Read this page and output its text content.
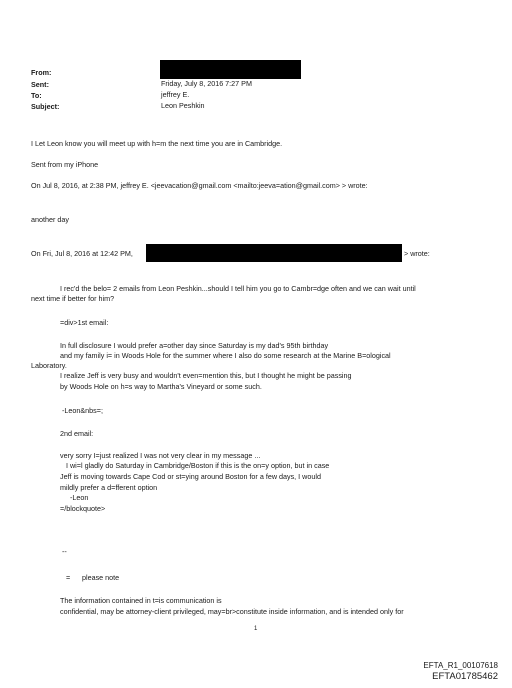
From:
Sent:
To:
Subject:
Friday, July 8, 2016 7:27 PM
jeffrey E.
Leon Peshkin
I Let Leon know you will meet up with h=m the next time you are in Cambridge.
Sent from my iPhone
On Jul 8, 2016, at 2:38 PM, jeffrey E. <jeevacation@gmail.com <mailto:jeeva=ation@gmail.com> > wrote:
another day
On Fri, Jul 8, 2016 at 12:42 PM,	> wrote:
I rec'd the belo= 2 emails from Leon Peshkin...should I tell him you go to Cambr=dge often and we can wait until
next time if better for him?
=div>1st email:
In full disclosure I would prefer a=other day since Saturday is my dad's 95th birthday
and my family i= in Woods Hole for the summer where I also do some research at the Marine B=ological
Laboratory.
I realize Jeff is very busy and wouldn't even=mention this, but I thought he might be passing
by Woods Hole on h=s way to Martha's Vineyard or some such.
-Leon&nbs=;
2nd email:
very sorry I=just realized I was not very clear in my message ...
I wi=l gladly do Saturday in Cambridge/Boston if this is the on=y option, but in case
Jeff is moving towards Cape Cod or st=ying around Boston for a few days, I would
mildly prefer a d=fferent option
-Leon
=/blockquote>
--
= please note
The information contained in t=is communication is
confidential, may be attorney-client privileged, may=br>constitute inside information, and is intended only for
1
EFTA_R1_00107618
EFTA01785462
